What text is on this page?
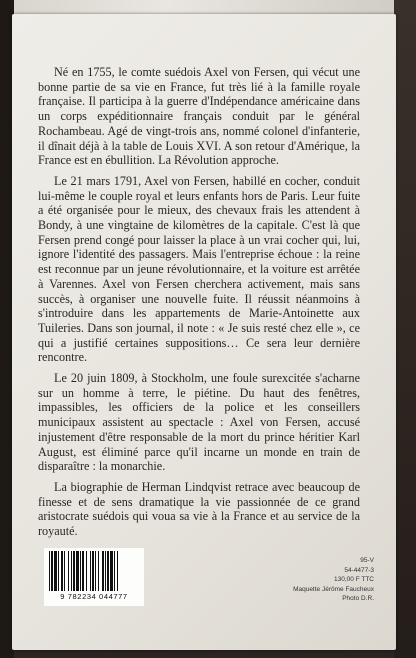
Né en 1755, le comte suédois Axel von Fersen, qui vécut une bonne partie de sa vie en France, fut très lié à la famille royale française. Il participa à la guerre d'Indépendance américaine dans un corps expéditionnaire français conduit par le général Rochambeau. Agé de vingt-trois ans, nommé colonel d'infanterie, il dînait déjà à la table de Louis XVI. A son retour d'Amérique, la France est en ébullition. La Révolution approche.

Le 21 mars 1791, Axel von Fersen, habillé en cocher, conduit lui-même le couple royal et leurs enfants hors de Paris. Leur fuite a été organisée pour le mieux, des chevaux frais les attendent à Bondy, à une vingtaine de kilomètres de la capitale. C'est là que Fersen prend congé pour laisser la place à un vrai cocher qui, lui, ignore l'identité des passagers. Mais l'entreprise échoue : la reine est reconnue par un jeune révolutionnaire, et la voiture est arrêtée à Varennes. Axel von Fersen cherchera activement, mais sans succès, à organiser une nouvelle fuite. Il réussit néanmoins à s'introduire dans les appartements de Marie-Antoinette aux Tuileries. Dans son journal, il note : « Je suis resté chez elle », ce qui a justifié certaines suppositions… Ce sera leur dernière rencontre.

Le 20 juin 1809, à Stockholm, une foule surexcitée s'acharne sur un homme à terre, le piétine. Du haut des fenêtres, impassibles, les officiers de la police et les conseillers municipaux assistent au spectacle : Axel von Fersen, accusé injustement d'être responsable de la mort du prince héritier Karl August, est éliminé parce qu'il incarne un monde en train de disparaître : la monarchie.

La biographie de Herman Lindqvist retrace avec beaucoup de finesse et de sens dramatique la vie passionnée de ce grand aristocrate suédois qui voua sa vie à la France et au service de la royauté.

9 782234 044777
95-V
54-4477-3
130,00 F TTC
Maquette Jérôme Faucheux
Photo D.R.
